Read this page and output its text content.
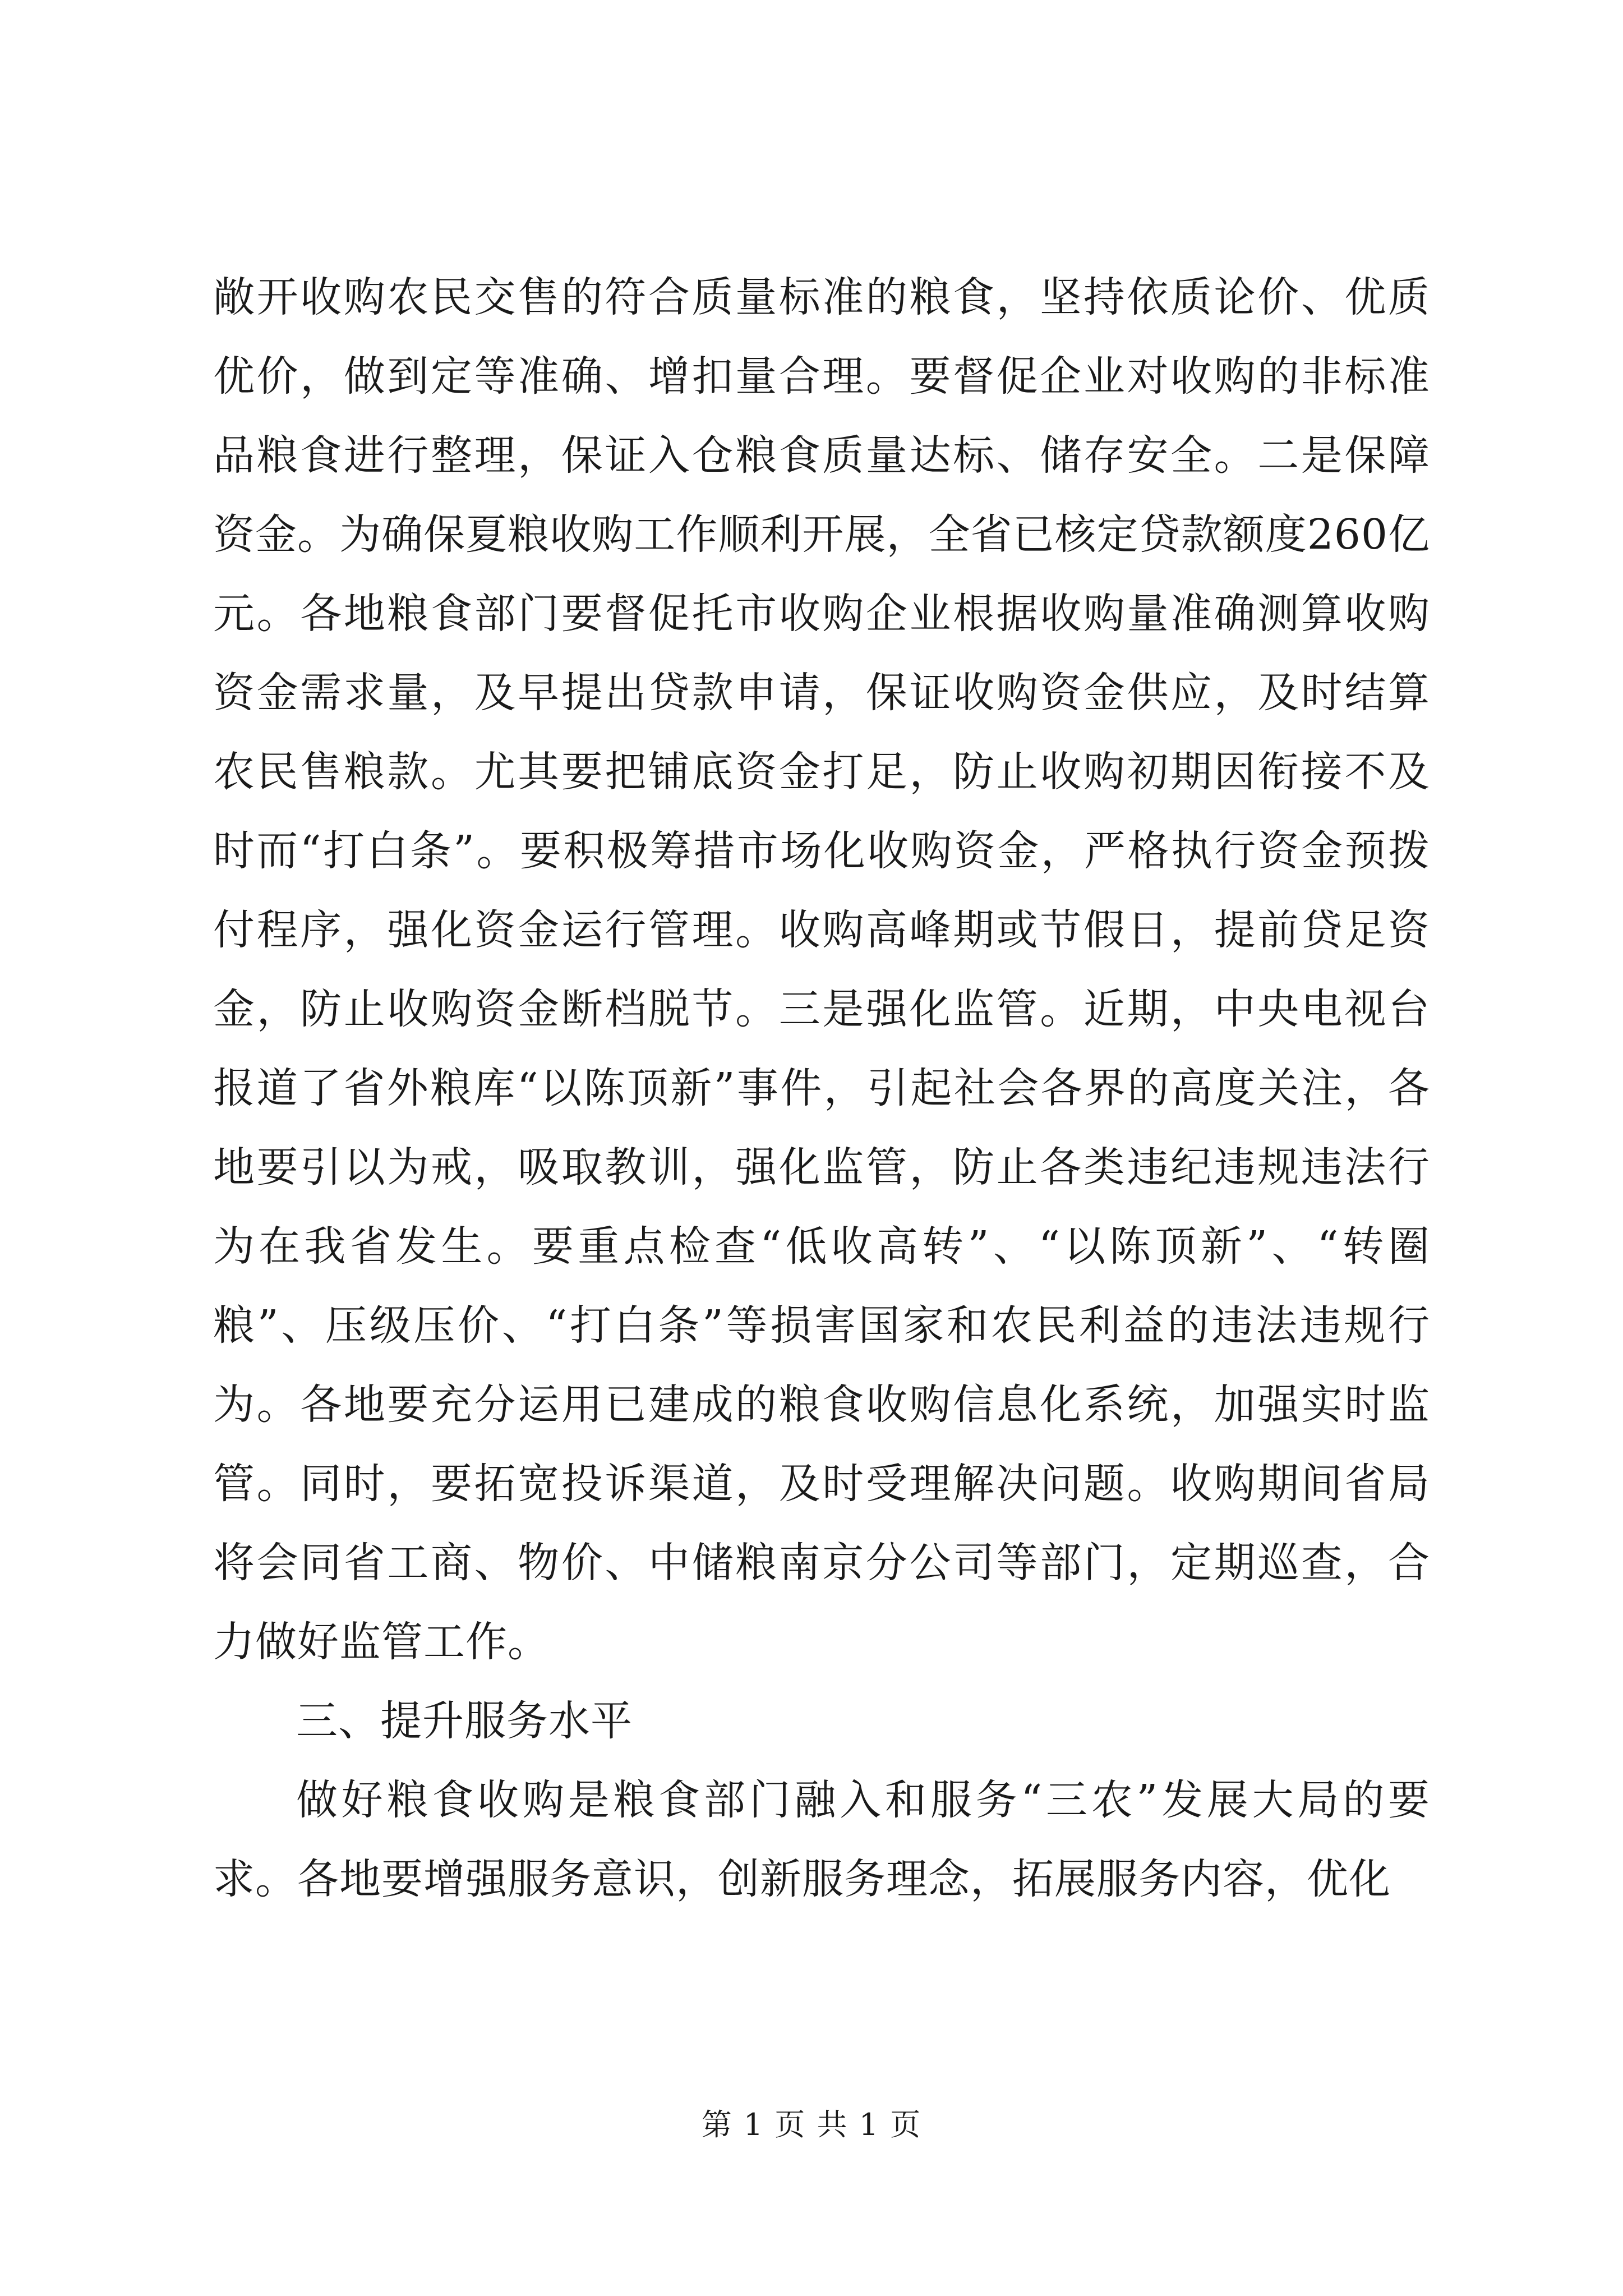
敞开收购农民交售的符合质量标准的粮食，坚持依质论价、优质优价，做到定等准确、增扣量合理。要督促企业对收购的非标准品粮食进行整理，保证入仓粮食质量达标、储存安全。二是保障资金。为确保夏粮收购工作顺利开展，全省已核定贷款额度260亿元。各地粮食部门要督促托市收购企业根据收购量准确测算收购资金需求量，及早提出贷款申请，保证收购资金供应，及时结算农民售粮款。尤其要把铺底资金打足，防止收购初期因衔接不及时而“打白条”。要积极筹措市场化收购资金，严格执行资金预拨付程序，强化资金运行管理。收购高峰期或节假日，提前贷足资金，防止收购资金断档脱节。三是强化监管。近期，中央电视台报道了省外粮库“以陈顶新”事件，引起社会各界的高度关注，各地要引以为戒，吸取教训，强化监管，防止各类违纪违规违法行为在我省发生。要重点检查“低收高转”、“以陈顶新”、“转圈粮”、压级压价、“打白条”等损害国家和农民利益的违法违规行为。各地要充分运用已建成的粮食收购信息化系统，加强实时监管。同时，要拓宽投诉渠道，及时受理解决问题。收购期间省局将会同省工商、物价、中储粮南京分公司等部门，定期巡查，合力做好监管工作。

三、提升服务水平

做好粮食收购是粮食部门融入和服务“三农”发展大局的要求。各地要增强服务意识，创新服务理念，拓展服务内容，优化

第 1 页 共 1 页
